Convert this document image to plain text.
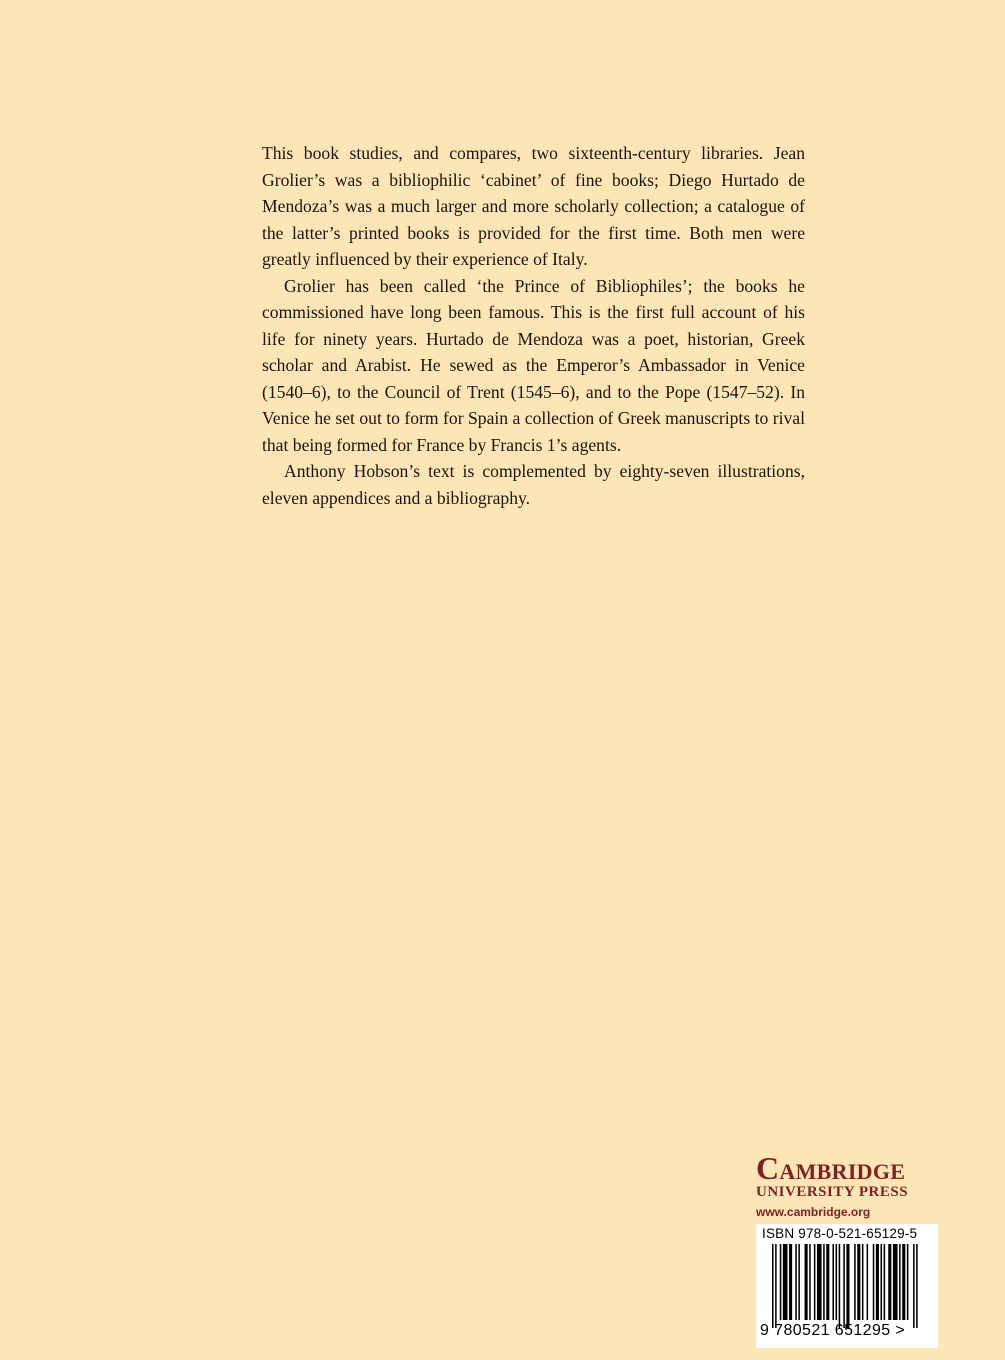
This book studies, and compares, two sixteenth-century libraries. Jean Grolier’s was a bibliophilic ‘cabinet’ of fine books; Diego Hurtado de Mendoza’s was a much larger and more scholarly collection; a catalogue of the latter’s printed books is provided for the first time. Both men were greatly influenced by their experience of Italy.

Grolier has been called ‘the Prince of Bibliophiles’; the books he commissioned have long been famous. This is the first full account of his life for ninety years. Hurtado de Mendoza was a poet, historian, Greek scholar and Arabist. He sewed as the Emperor’s Ambassador in Venice (1540–6), to the Council of Trent (1545–6), and to the Pope (1547–52). In Venice he set out to form for Spain a collection of Greek manuscripts to rival that being formed for France by Francis 1’s agents.

Anthony Hobson’s text is complemented by eighty-seven illustrations, eleven appendices and a bibliography.

Cambridge
UNIVERSITY PRESS
www.cambridge.org
ISBN 978-0-521-65129-5
9 780521 651295 >
